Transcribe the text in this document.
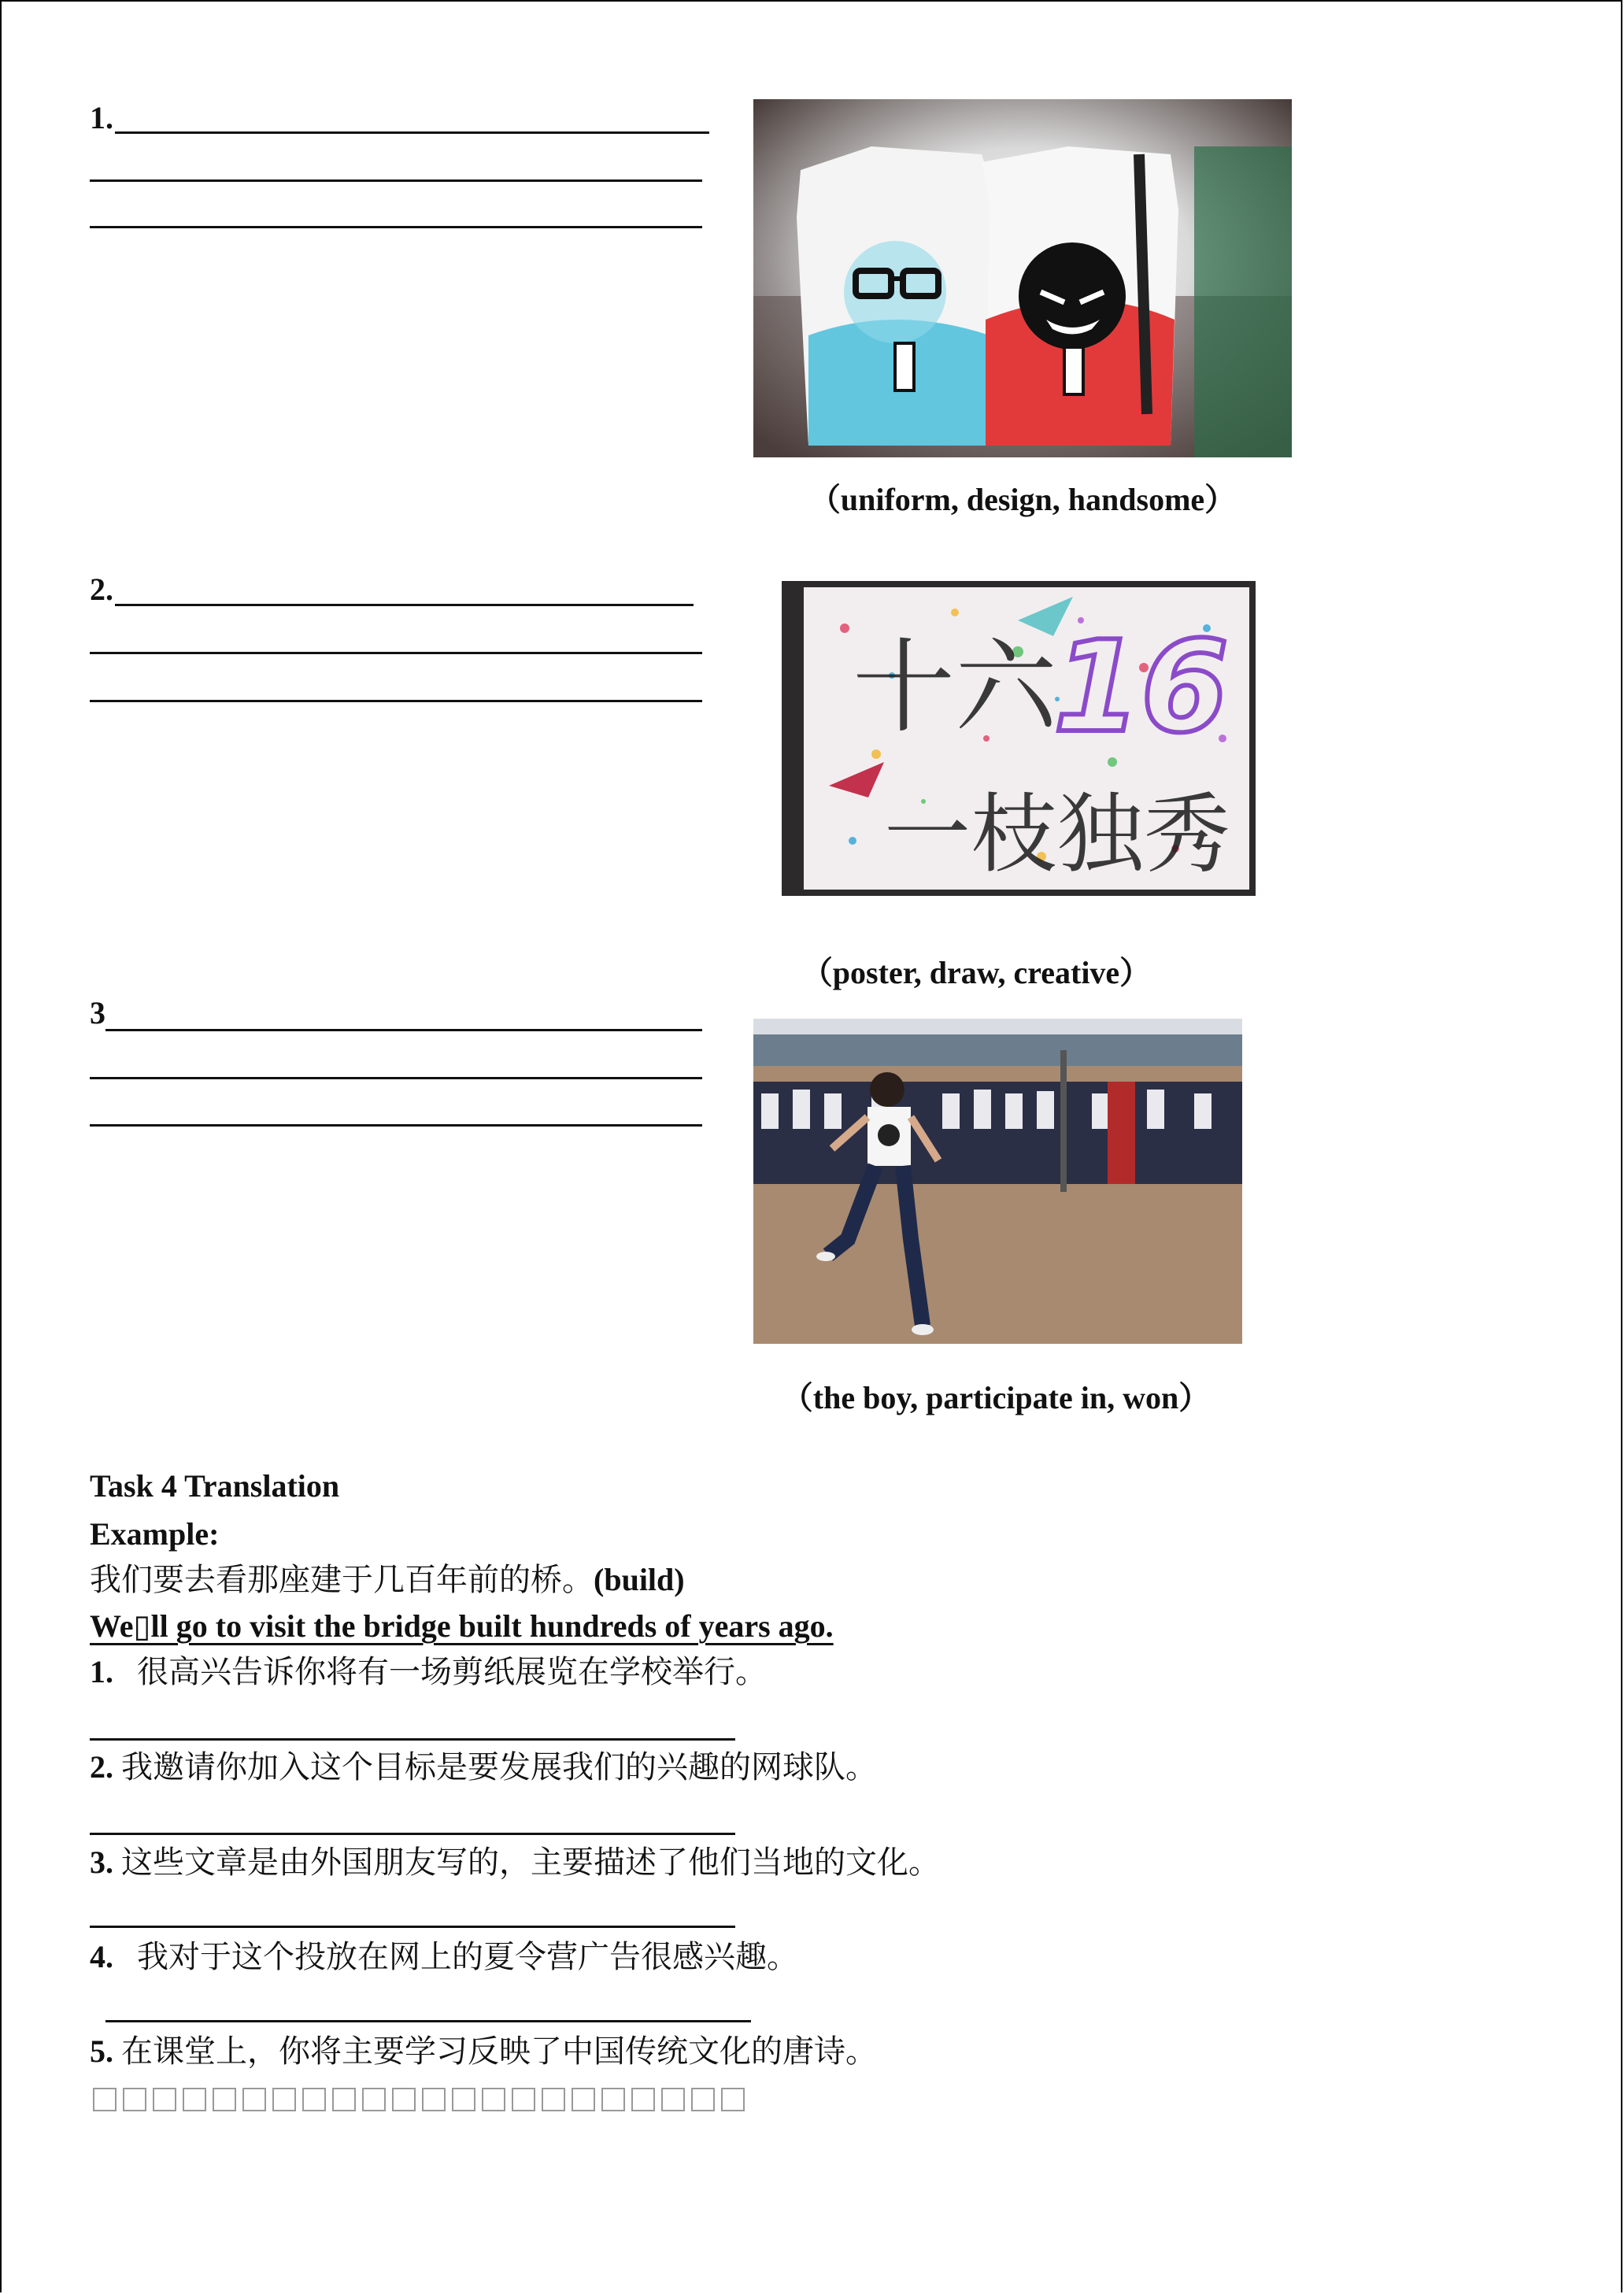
1.
（uniform, design, handsome）
2.
十六
16
一枝独秀
（poster, draw, creative）
3
（the boy, participate in, won）
Task 4 Translation
Example:
我们要去看那座建于几百年前的桥。(build)
We▯ll go to visit the bridge built hundreds of years ago.
1. 很高兴告诉你将有一场剪纸展览在学校举行。
2. 我邀请你加入这个目标是要发展我们的兴趣的网球队。
3. 这些文章是由外国朋友写的，主要描述了他们当地的文化。
4. 我对于这个投放在网上的夏令营广告很感兴趣。
5. 在课堂上，你将主要学习反映了中国传统文化的唐诗。
